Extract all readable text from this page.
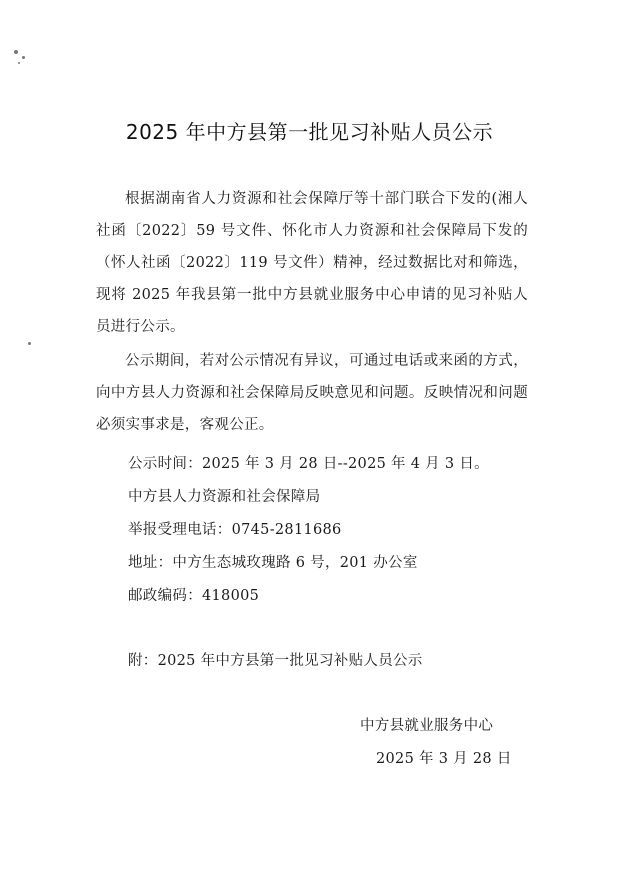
2025 年中方县第一批见习补贴人员公示
根据湖南省人力资源和社会保障厅等十部门联合下发的(湘人社函〔2022〕59 号文件、怀化市人力资源和社会保障局下发的（怀人社函〔2022〕119 号文件）精神，经过数据比对和筛选，现将 2025 年我县第一批中方县就业服务中心申请的见习补贴人员进行公示。
公示期间，若对公示情况有异议，可通过电话或来函的方式，向中方县人力资源和社会保障局反映意见和问题。反映情况和问题必须实事求是，客观公正。
公示时间：2025 年 3 月 28 日--2025 年 4 月 3 日。
中方县人力资源和社会保障局
举报受理电话：0745-2811686
地址：中方生态城玫瑰路 6 号，201 办公室
邮政编码：418005
附：2025 年中方县第一批见习补贴人员公示
中方县就业服务中心
2025 年 3 月 28 日
